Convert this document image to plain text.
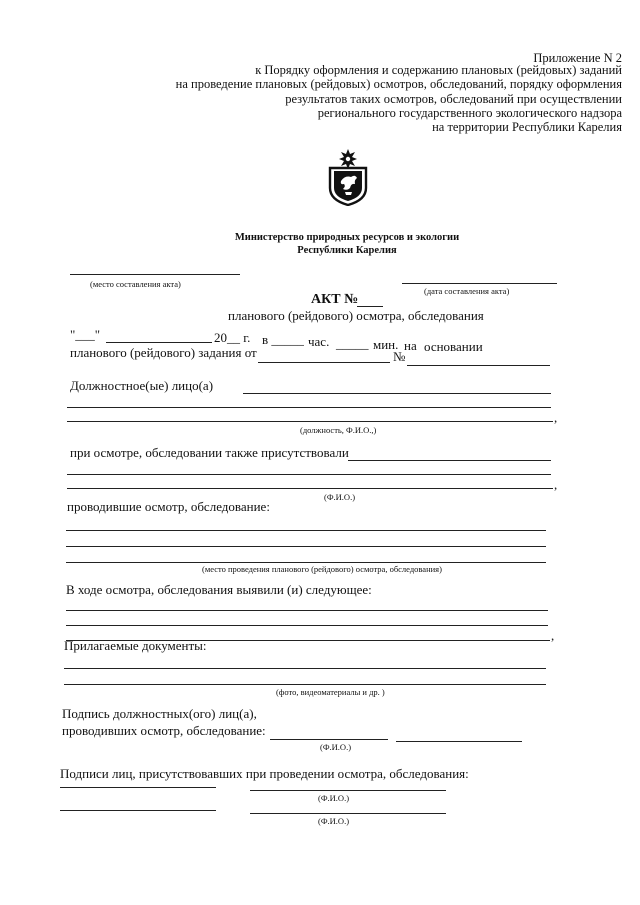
Приложение N 2
к Порядку оформления и содержанию плановых (рейдовых) заданий
на проведение плановых (рейдовых) осмотров, обследований, порядку оформления
результатов таких осмотров, обследований при осуществлении
регионального государственного экологического надзора
на территории Республики Карелия
Министерство природных ресурсов и экологии
Республики Карелия
(место составления акта)
(дата составления акта)
АКТ №
планового (рейдового) осмотра, обследования
"___"	20__ г. в _____ час. _____ мин. на основании
планового (рейдового) задания от	№
Должностное(ые) лицо(а)
,
(должность, Ф.И.О.,)
при осмотре, обследовании также присутствовали
,
(Ф.И.О.)
проводившие осмотр, обследование:
(место проведения планового (рейдового) осмотра, обследования)
В ходе осмотра, обследования выявили (и) следующее:
,
Прилагаемые документы:
(фото, видеоматериалы и др. )
Подпись должностных(ого) лиц(а),
проводивших осмотр, обследование:
(Ф.И.О.)
Подписи лиц, присутствовавших при проведении осмотра, обследования:
(Ф.И.О.)
(Ф.И.О.)
